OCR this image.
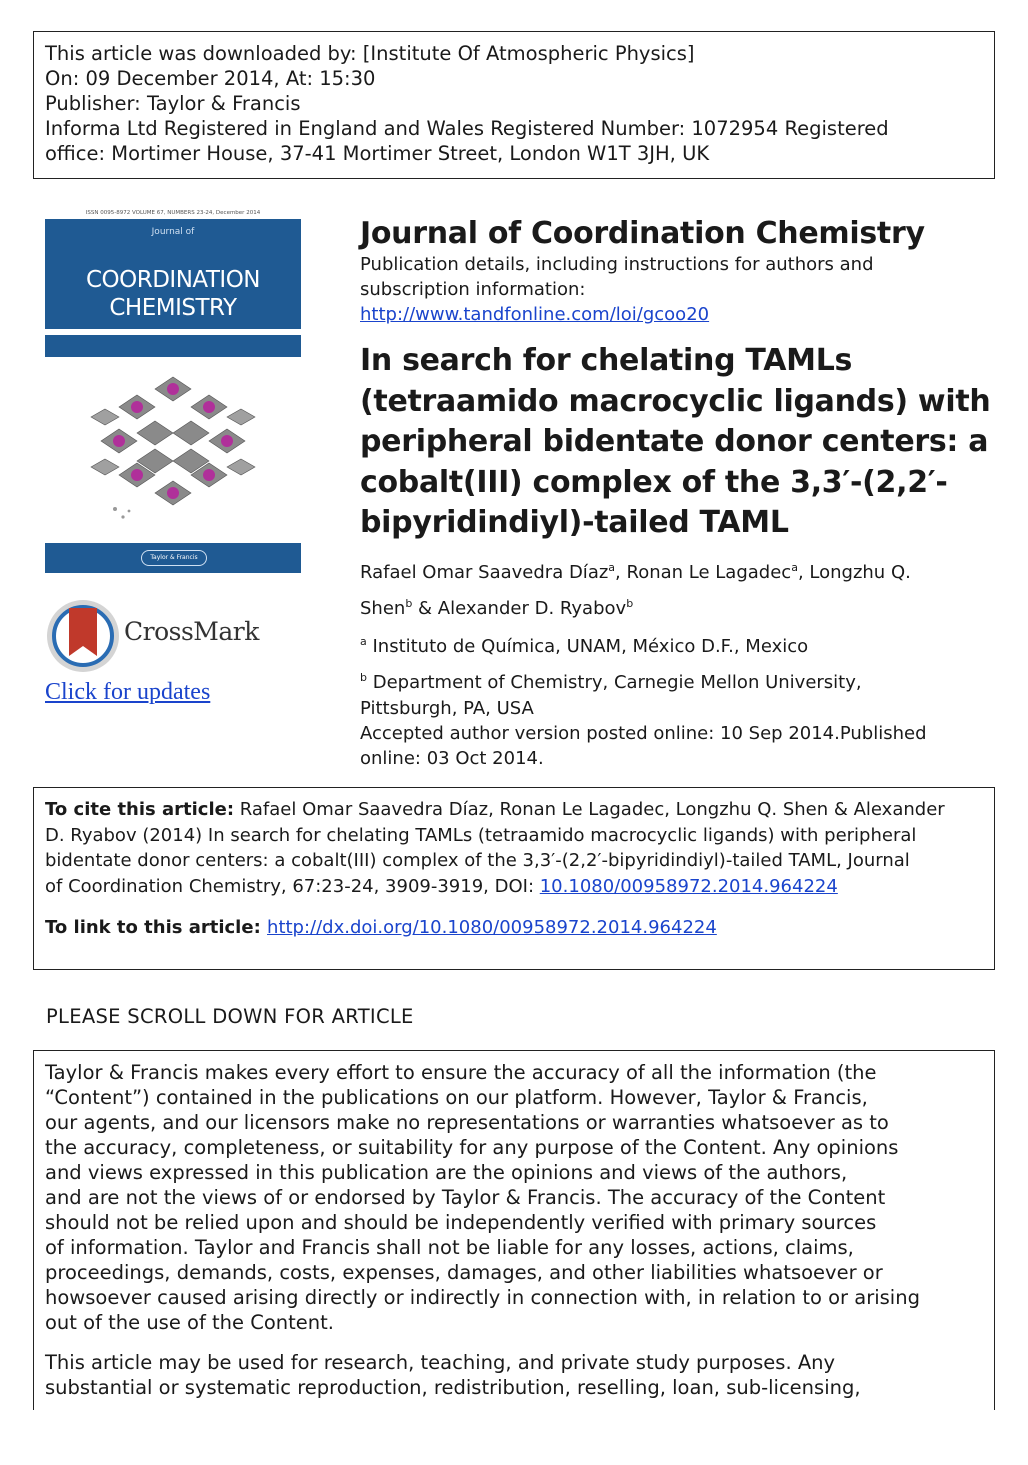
This article was downloaded by: [Institute Of Atmospheric Physics]
On: 09 December 2014, At: 15:30
Publisher: Taylor & Francis
Informa Ltd Registered in England and Wales Registered Number: 1072954 Registered
office: Mortimer House, 37-41 Mortimer Street, London W1T 3JH, UK
ISSN 0095-8972 VOLUME 67, NUMBERS 23-24, December 2014
Journal of
COORDINATION
CHEMISTRY
Taylor & Francis
CrossMark
Click for updates
Journal of Coordination Chemistry
Publication details, including instructions for authors and
subscription information:
http://www.tandfonline.com/loi/gcoo20
In search for chelating TAMLs
(tetraamido macrocyclic ligands) with
peripheral bidentate donor centers: a
cobalt(III) complex of the 3,3′-(2,2′-
bipyridindiyl)-tailed TAML
Rafael Omar Saavedra Díaz$^a$, Ronan Le Lagadec$^a$, Longzhu Q.
Shen$^b$ & Alexander D. Ryabov$^b$
$^a$ Instituto de Química, UNAM, México D.F., Mexico
$^b$ Department of Chemistry, Carnegie Mellon University,
Pittsburgh, PA, USA
Accepted author version posted online: 10 Sep 2014.Published
online: 03 Oct 2014.
To cite this article: Rafael Omar Saavedra Díaz, Ronan Le Lagadec, Longzhu Q. Shen & Alexander
D. Ryabov (2014) In search for chelating TAMLs (tetraamido macrocyclic ligands) with peripheral
bidentate donor centers: a cobalt(III) complex of the 3,3′-(2,2′-bipyridindiyl)-tailed TAML, Journal
of Coordination Chemistry, 67:23-24, 3909-3919, DOI: 10.1080/00958972.2014.964224
To link to this article: http://dx.doi.org/10.1080/00958972.2014.964224
PLEASE SCROLL DOWN FOR ARTICLE
Taylor & Francis makes every effort to ensure the accuracy of all the information (the
“Content”) contained in the publications on our platform. However, Taylor & Francis,
our agents, and our licensors make no representations or warranties whatsoever as to
the accuracy, completeness, or suitability for any purpose of the Content. Any opinions
and views expressed in this publication are the opinions and views of the authors,
and are not the views of or endorsed by Taylor & Francis. The accuracy of the Content
should not be relied upon and should be independently verified with primary sources
of information. Taylor and Francis shall not be liable for any losses, actions, claims,
proceedings, demands, costs, expenses, damages, and other liabilities whatsoever or
howsoever caused arising directly or indirectly in connection with, in relation to or arising
out of the use of the Content.
This article may be used for research, teaching, and private study purposes. Any
substantial or systematic reproduction, redistribution, reselling, loan, sub-licensing,
